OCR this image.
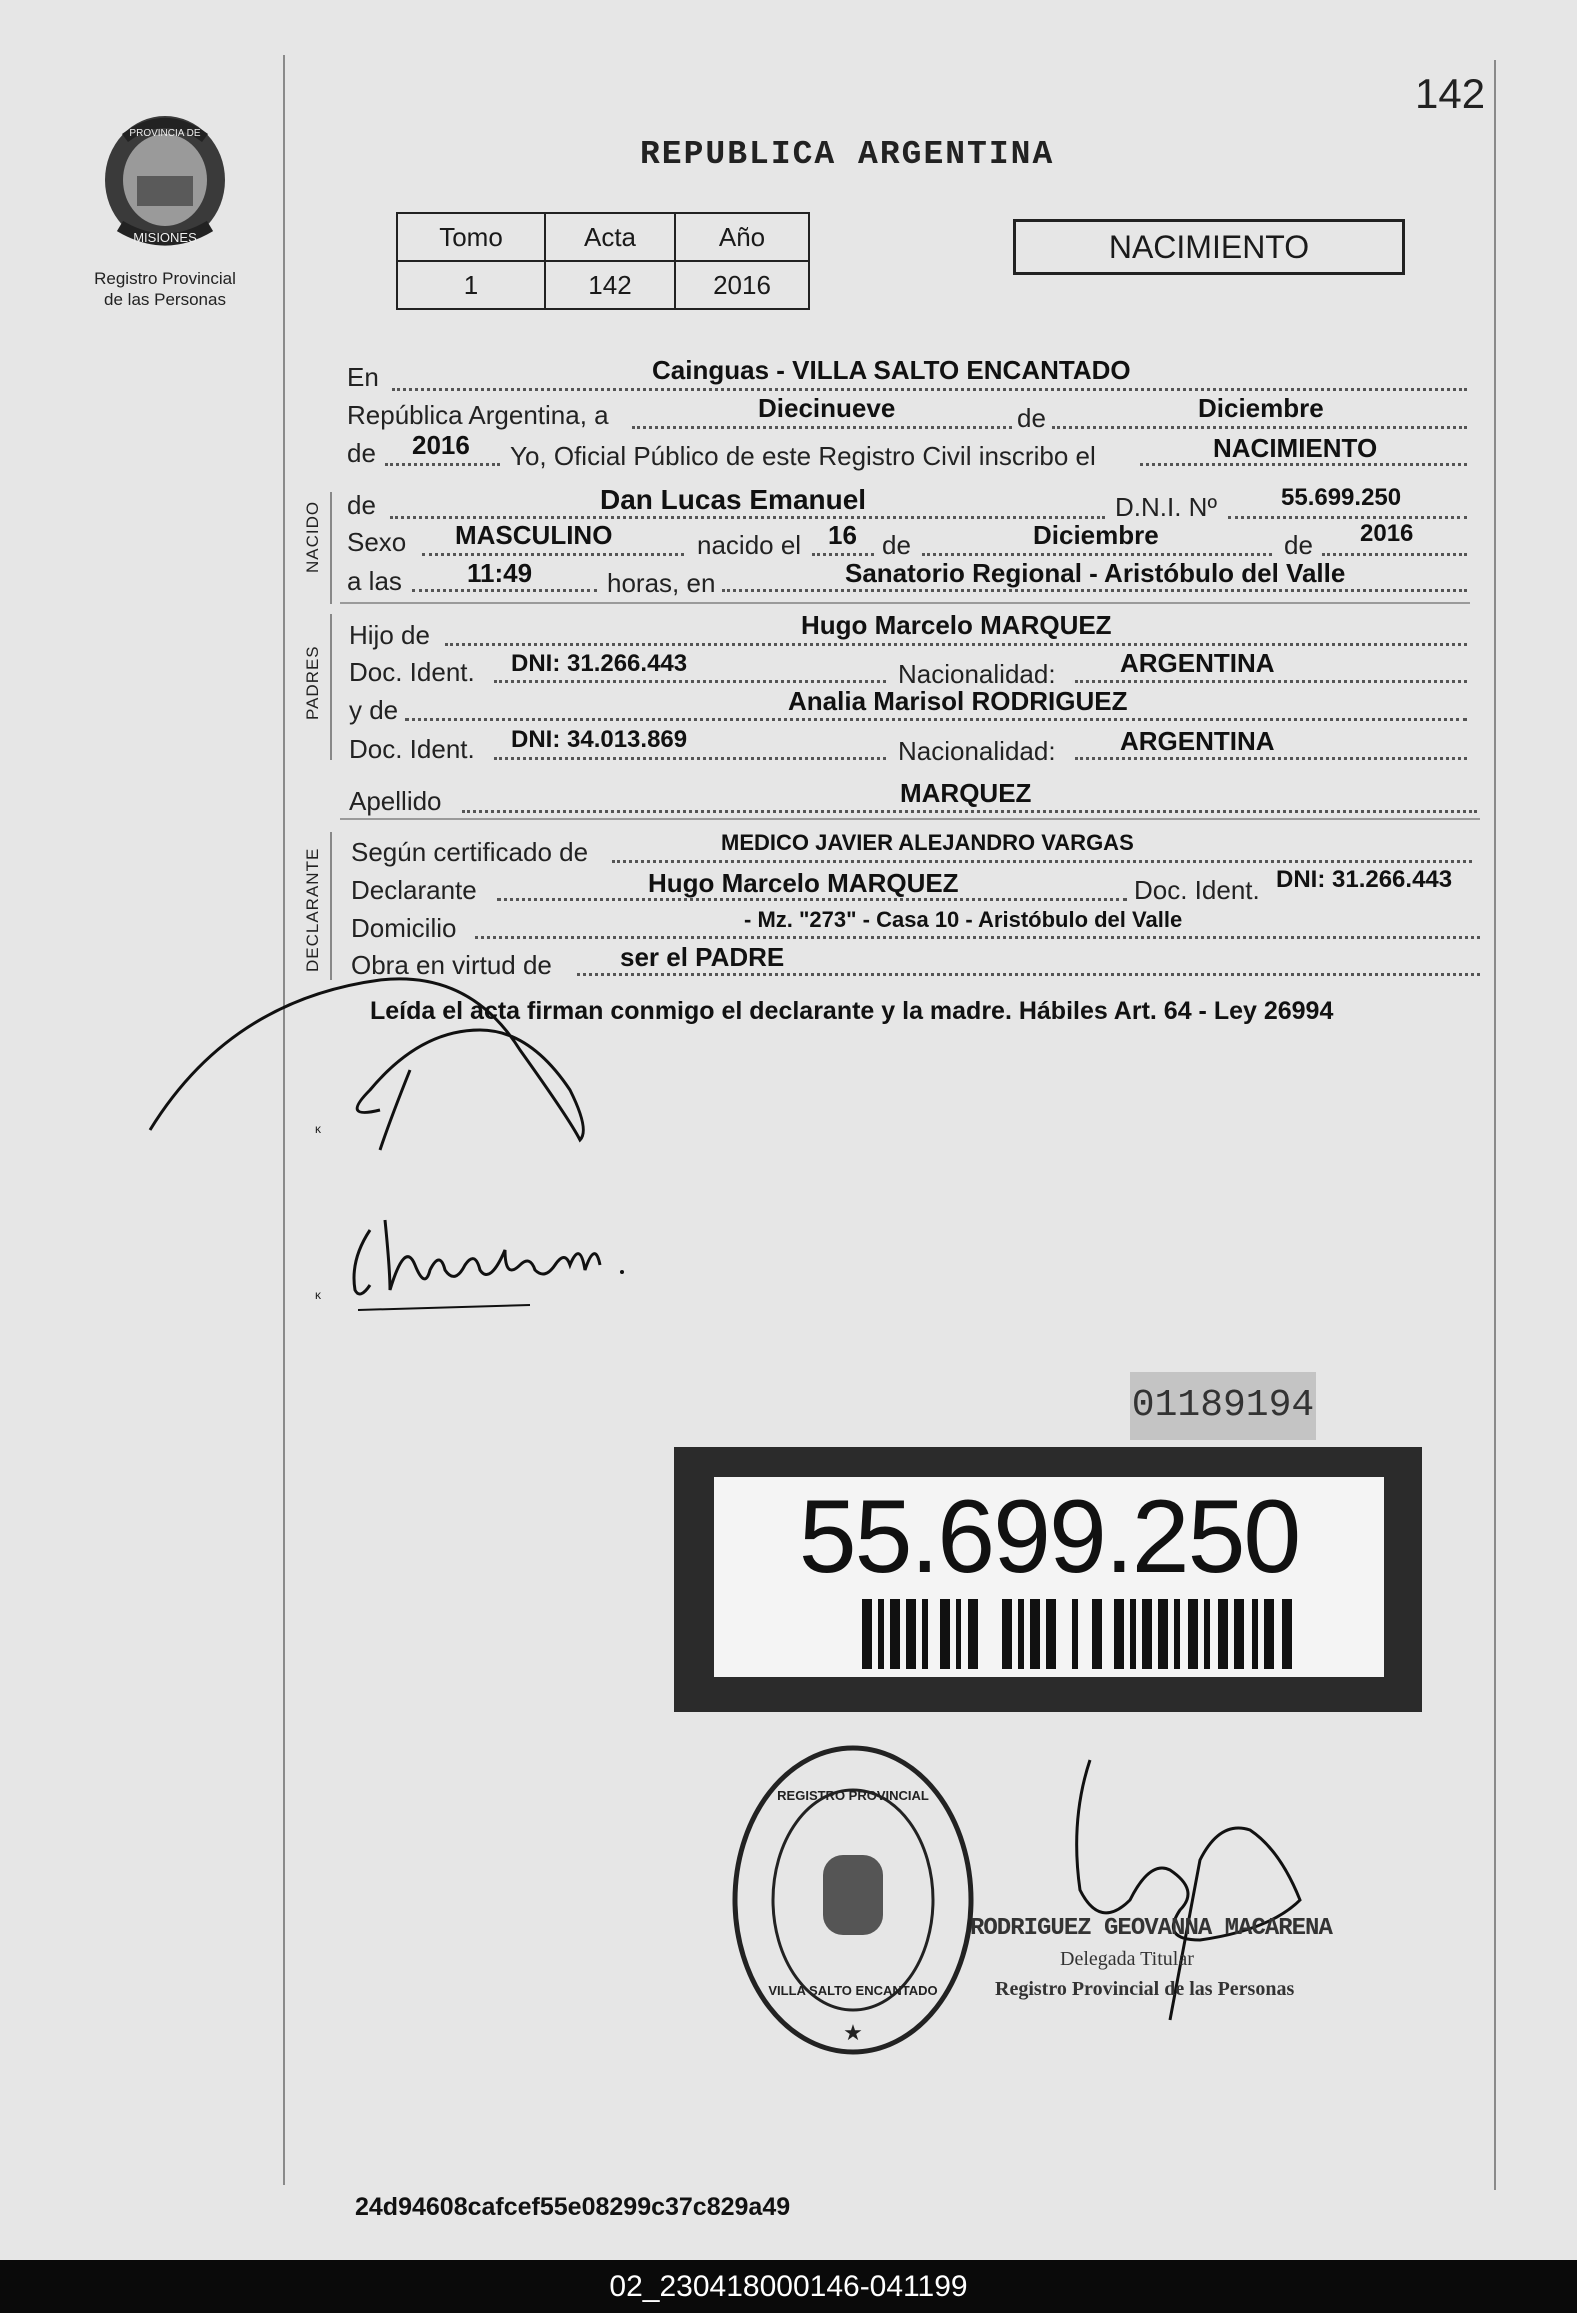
PROVINCIA DE
MISIONES
Registro Provincial
de las Personas
142
REPUBLICA ARGENTINA
Tomo	Acta	Año
1	142	2016
NACIMIENTO
En	Cainguas - VILLA SALTO ENCANTADO
República Argentina, a	Diecinueve	de	Diciembre
de 2016 Yo, Oficial Público de este Registro Civil inscribo el	NACIMIENTO
NACIDO de	Dan Lucas Emanuel	D.N.I. Nº	55.699.250
Sexo MASCULINO	nacido el 16 de	Diciembre	de 2016
a las	11:49	horas, en	Sanatorio Regional - Aristóbulo del Valle
PADRES
Hijo de	Hugo Marcelo MARQUEZ
Doc. Ident. DNI: 31.266.443	Nacionalidad: ARGENTINA
y de	Analia Marisol RODRIGUEZ
Doc. Ident. DNI: 34.013.869	Nacionalidad: ARGENTINA
Apellido	MARQUEZ
DECLARANTE Según certificado de	MEDICO JAVIER ALEJANDRO VARGAS
Declarante	Hugo Marcelo MARQUEZ	Doc. Ident. DNI: 31.266.443
Domicilio	- Mz. "273" - Casa 10 - Aristóbulo del Valle
Obra en virtud de	ser el PADRE
Leída el acta firman conmigo el declarante y la madre. Hábiles Art. 64 - Ley 26994
ĸ
ĸ
01189194
55.699.250
REGISTRO PROVINCIAL
VILLA SALTO ENCANTADO
★
RODRIGUEZ GEOVANNA MACARENA
Delegada Titular
Registro Provincial de las Personas
24d94608cafcef55e08299c37c829a49
02_230418000146-041199
